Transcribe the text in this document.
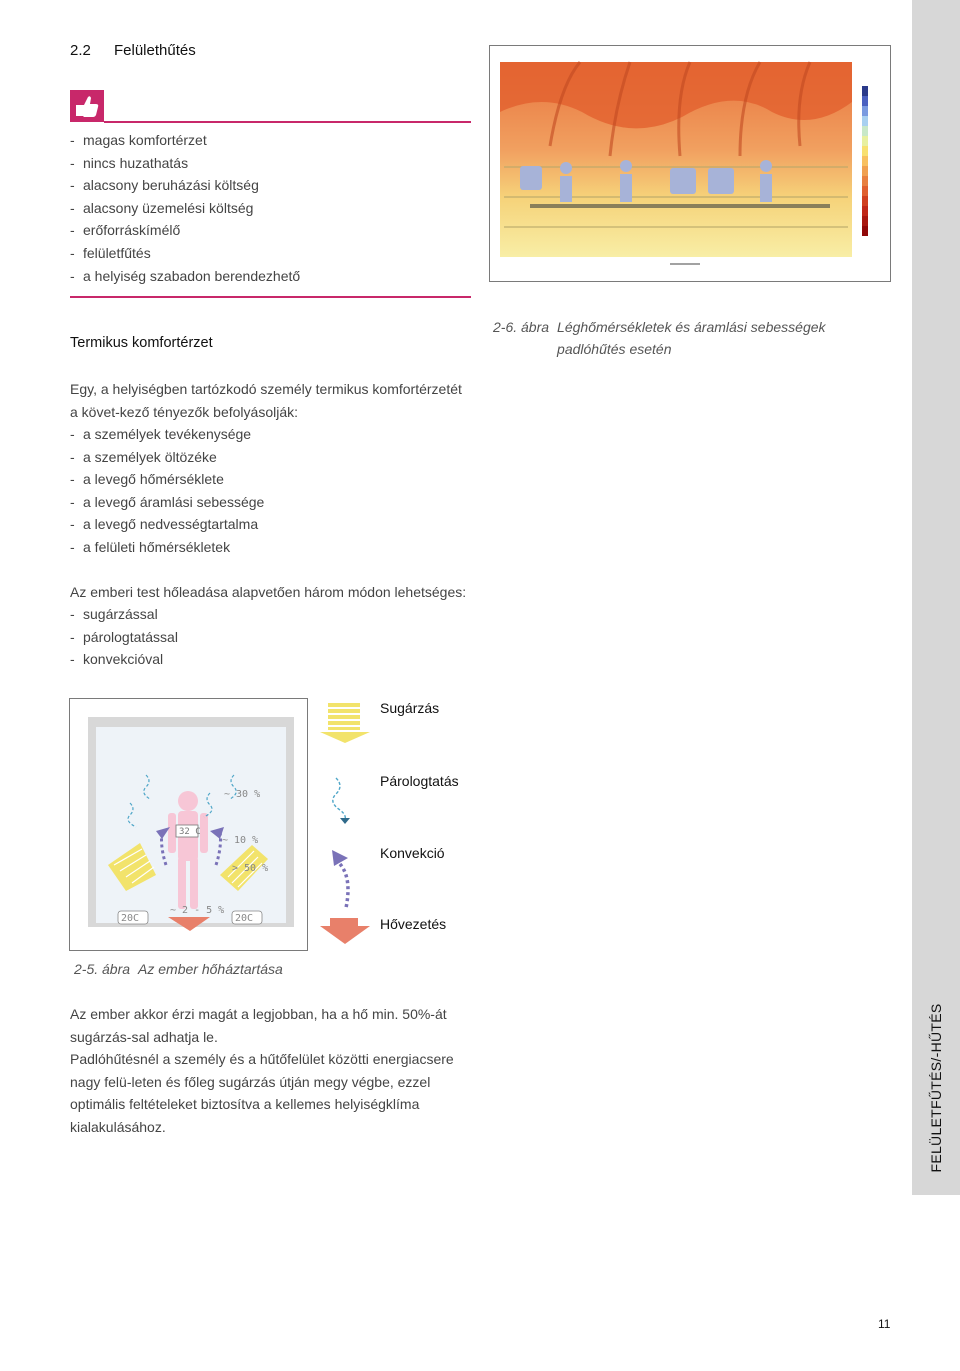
2.2 Felülethűtés
- magas komfortérzet
- nincs huzathatás
- alacsony beruházási költség
- alacsony üzemelési költség
- erőforráskímélő
- felületfűtés
- a helyiség szabadon berendezhető
Termikus komfortérzet

Egy, a helyiségben tartózkodó személy termikus komfortérzetét a követ-kező tényezők befolyásolják:

- a személyek tevékenysége
- a személyek öltözéke
- a levegő hőmérséklete
- a levegő áramlási sebessége
- a levegő nedvességtartalma
- a felületi hőmérsékletek

Az emberi test hőleadása alapvetően három módon lehetséges:

- sugárzással
- párologtatással
- konvekcióval
2-6. ábra Léghőmérsékletek és áramlási sebességek padlóhűtés esetén
32 C
~ 30 %
~ 10 %
> 50 %
~ 2 - 5 %
20C	20C
Sugárzás
Párologtatás
Konvekció
Hővezetés
2-5. ábra Az ember hőháztartása

Az ember akkor érzi magát a legjobban, ha a hő min. 50%-át sugárzás-sal adhatja le.

Padlóhűtésnél a személy és a hűtőfelület közötti energiacsere nagy felü-leten és főleg sugárzás útján megy végbe, ezzel optimális feltételeket biztosítva a kellemes helyiségklíma kialakulásához.	FELÜLETFŰTÉS/-HŰTÉS
11
